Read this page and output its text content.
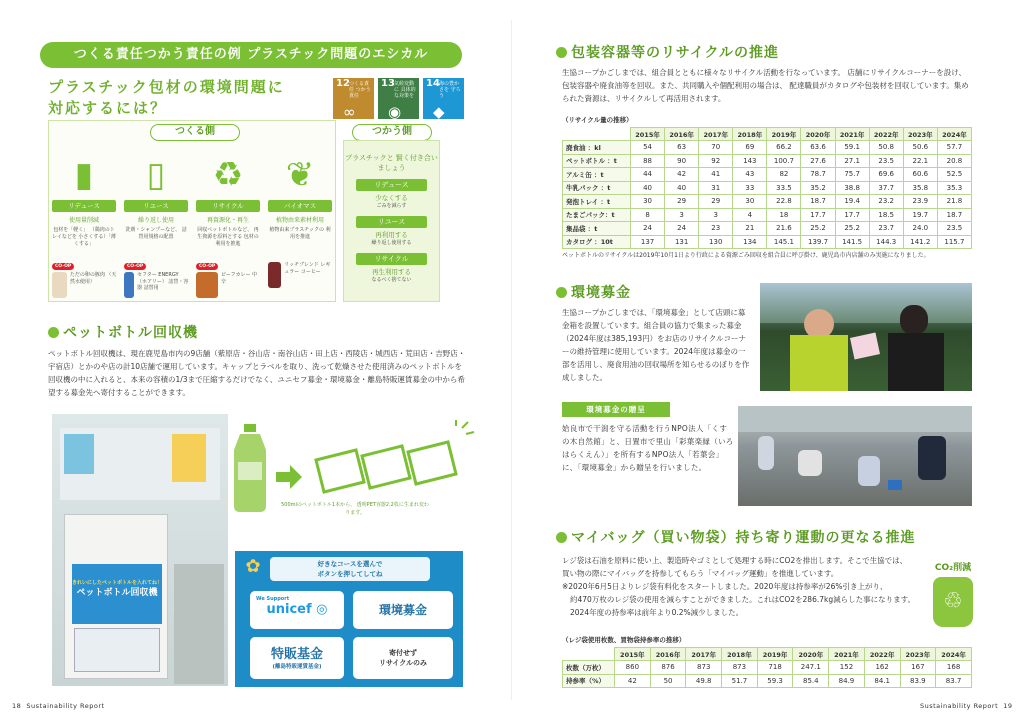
つくる責任つかう責任の例 プラスチック問題のエシカル
プラスチック包材の環境問題に
対応するには？
12 つくる責任 つかう責任
∞
13 気候変動に 具体的な対策を
◉
14 海の豊かさを 守ろう
◆
つくる側	つかう側
▮
リデュース
使用量削減
包材を「軽く」 （鶏肉のトレイなどを 小さくする）「薄くする」
CO-OP
ただの卵の豚肉 （天然水使用）
▯
リユース
繰り返し使用
洗剤・シャンプーなど、 詰替用規格の配置
CO-OP
セフター ENERGY （ホアリー） 詰替・容器 詰替用
♻
リサイクル
再資源化・再生
回収ペットボトルなど、 再生資源を原料とする 包材の利用を推進
CO-OP
ビーフカレー 中辛
❦
バイオマス
植物由来素材利用
植物由来プラスチックの 利用を推進
リッチブレンド レギュラー コーヒー
プラスチックと 賢く付き合いましょう
リデュース
少なくする
ごみを減らす
リユース
再利用する
繰り返し使用する
リサイクル
再生利用する
なるべく捨てない
ペットボトル回収機
ペットボトル回収機は、現在鹿児島市内の9店舗（紫原店・谷山店・南谷山店・田上店・西陵店・城西店・荒田店・吉野店・宇宿店）とかのや店の計10店舗で運用しています。キャップとラベルを取り、洗って乾燥させた使用済みのペットボトルを回収機の中に入れると、本来の容積の1/3まで圧縮するだけでなく、ユニセフ募金・環境募金・離島特販運賃募金の中から希望する募金先へ寄付することができます。
きれいにしたペットボトルを入れてね！
ペットボトル回収機
500mlのペットボトル1本から、 透明PET容器2.2枚に生まれ変わります。
✿	好きなコースを選んで
ボタンを押してしてね
We Support
unicef ◎	環境募金
特販基金
(離島特販運賃基金)
寄付せず
リサイクルのみ
18 Sustainability Report
包装容器等のリサイクルの推進
生協コープかごしまでは、組合員とともに様々なリサイクル活動を行なっています。 店舗にリサイクルコーナーを設け、包装容器や廃食油等を回収。また、共同購入や個配利用の場合は、 配達職員がカタログや包装材を回収しています。集められた資源は、リサイクルして再活用されます。
（リサイクル量の推移）
	2015年	2016年	2017年	2018年	2019年	2020年	2021年	2022年	2023年	2024年
廃食油 ：kl	54	63	70	69	66.2	63.6	59.1	50.8	50.6	57.7
ペットボトル ：t	88	90	92	143	100.7	27.6	27.1	23.5	22.1	20.8
アルミ缶 ：t	44	42	41	43	82	78.7	75.7	69.6	60.6	52.5
牛乳パック ：t	40	40	31	33	33.5	35.2	38.8	37.7	35.8	35.3
発泡トレイ ：t	30	29	29	30	22.8	18.7	19.4	23.2	23.9	21.8
たまごパック：t	8	3	3	4	18	17.7	17.7	18.5	19.7	18.7
集品袋 ：t	24	24	23	21	21.6	25.2	25.2	23.7	24.0	23.5
カタログ ：10t	137	131	130	134	145.1	139.7	141.5	144.3	141.2	115.7
ペットボトルのリサイクルは2019年10月1日より行政による資源ごみ回収を組合員に呼び掛け、鹿児島市内店舗のみ実施になりました。
環境募金
生協コープかごしまでは、「環境募金」として店頭に募金箱を設置しています。組合員の協力で集まった募金（2024年度は385,193円）をお店のリサイクルコーナーの維持管理に使用しています。2024年度は募金の一部を活用し、廃食用油の回収場所を知らせるのぼりを作成しました。
環境募金の贈呈
姶良市で干潟を守る活動を行うNPO法人「くすの木自然館」と、日置市で里山「彩葉楽縁（いろはらくえん）」を所有するNPO法人「若葉会」に、「環境募金」から贈呈を行いました。
マイバッグ（買い物袋）持ち寄り運動の更なる推進
レジ袋は石油を原料に使い上、製造時やゴミとして処理する時にCO2を排出します。そこで生協では、
買い物の際にマイバッグを持参してもらう「マイバッグ運動」を推進しています。
※2020年6月5日よりレジ袋有料化をスタートしました。2020年度は持参率が26%引き上がり、
約470万枚のレジ袋の使用を減らすことができました。これはCO2を286.7kg減らした事になります。
2024年度の持参率は前年より0.2%減少しました。
CO₂削減
♲
（レジ袋使用枚数、買物袋持参率の推移）
	2015年	2016年	2017年	2018年	2019年	2020年	2021年	2022年	2023年	2024年
枚数（万枚）	860	876	873	873	718	247.1	152	162	167	168
持参率（%）	42	50	49.8	51.7	59.3	85.4	84.9	84.1	83.9	83.7
Sustainability Report 19
